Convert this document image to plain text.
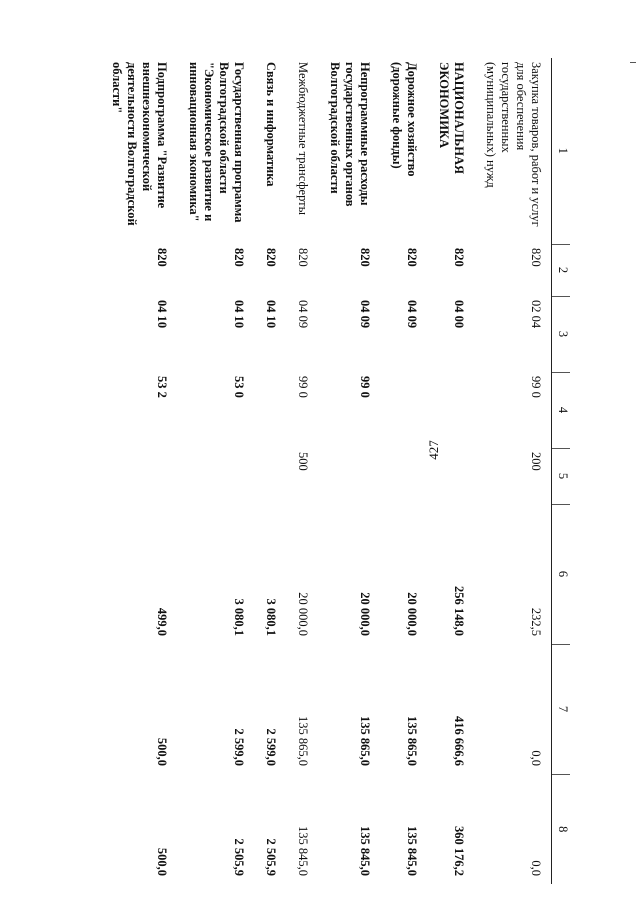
427
1	2	3	4	5	6	7	8
Закупка товаров, работ и услуг для обеспечения государственных (муниципальных) нужд	820	02 04	99 0	200	232,5	0,0	0,0
НАЦИОНАЛЬНАЯ ЭКОНОМИКА	820	04 00			256 148,0	416 666,6	360 176,2
Дорожное хозяйство (дорожные фонды)	820	04 09			20 000,0	135 865,0	135 845,0
Непрограммные расходы государственных органов Волгоградской области	820	04 09	99 0		20 000,0	135 865,0	135 845,0
Межбюджетные трансферты	820	04 09	99 0	500	20 000,0	135 865,0	135 845,0
Связь и информатика	820	04 10			3 080,1	2 599,0	2 505,9
Государственная программа Волгоградской области "Экономическое развитие и инновационная экономика"	820	04 10	53 0		3 080,1	2 599,0	2 505,9
Подпрограмма "Развитие внешнеэкономической деятельности Волгоградской области"	820	04 10	53 2		499,0	500,0	500,0
